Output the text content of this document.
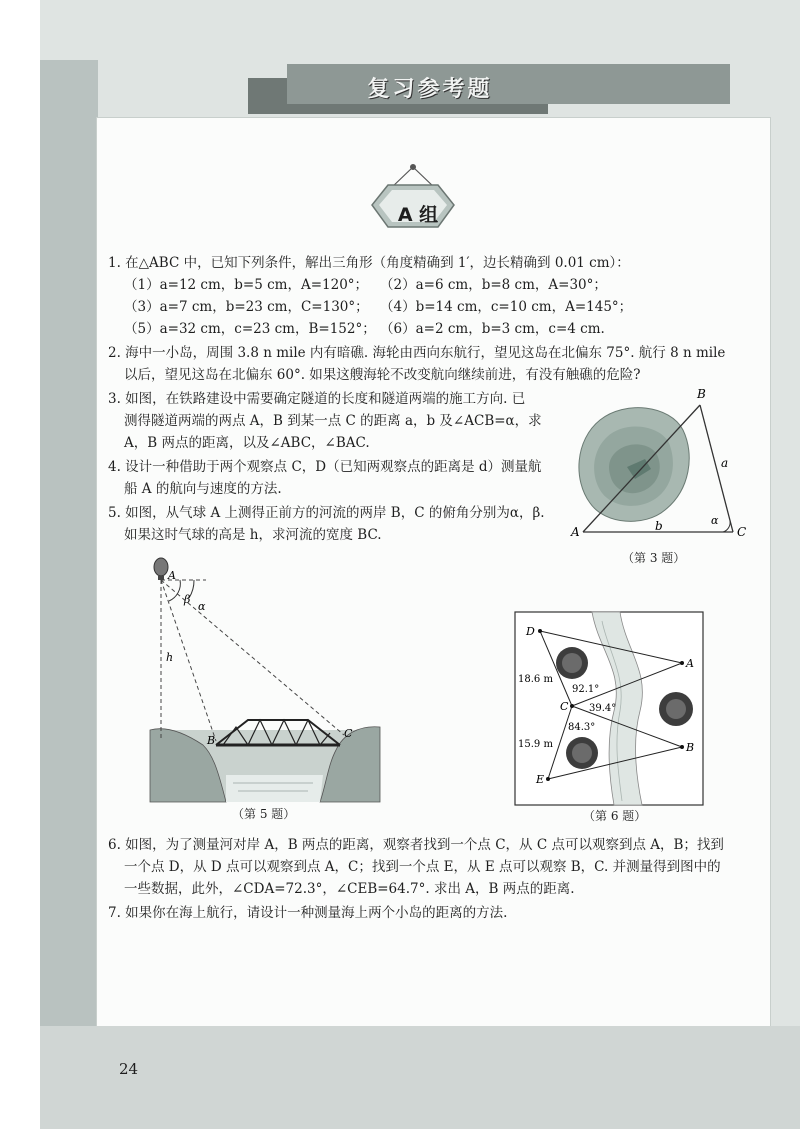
复习参考题
A 组
1. 在△ABC 中，已知下列条件，解出三角形（角度精确到 1′，边长精确到 0.01 cm）：
（1）a=12 cm，b=5 cm，A=120°； （2）a=6 cm，b=8 cm，A=30°；
（3）a=7 cm，b=23 cm，C=130°； （4）b=14 cm，c=10 cm，A=145°；
（5）a=32 cm，c=23 cm，B=152°； （6）a=2 cm，b=3 cm，c=4 cm.
2. 海中一小岛，周围 3.8 n mile 内有暗礁. 海轮由西向东航行，望见这岛在北偏东 75°. 航行 8 n mile
以后，望见这岛在北偏东 60°. 如果这艘海轮不改变航向继续前进，有没有触礁的危险?
3. 如图，在铁路建设中需要确定隧道的长度和隧道两端的施工方向. 已
测得隧道两端的两点 A，B 到某一点 C 的距离 a，b 及∠ACB=α，求
A，B 两点的距离，以及∠ABC，∠BAC.
4. 设计一种借助于两个观察点 C，D（已知两观察点的距离是 d）测量航
船 A 的航向与速度的方法.
5. 如图，从气球 A 上测得正前方的河流的两岸 B，C 的俯角分别为α，β.
如果这时气球的高是 h，求河流的宽度 BC.	A
B
C
a
b	α
（第 3 题）
A
β
α
h
B
C
（第 5 题）
D
A
C
B
E
18.6 m
15.9 m
92.1°
39.4°
84.3°
（第 6 题）
6. 如图，为了测量河对岸 A，B 两点的距离，观察者找到一个点 C，从 C 点可以观察到点 A，B；找到
一个点 D，从 D 点可以观察到点 A，C；找到一个点 E，从 E 点可以观察 B，C. 并测量得到图中的
一些数据，此外，∠CDA=72.3°，∠CEB=64.7°. 求出 A，B 两点的距离.
7. 如果你在海上航行，请设计一种测量海上两个小岛的距离的方法.
24
